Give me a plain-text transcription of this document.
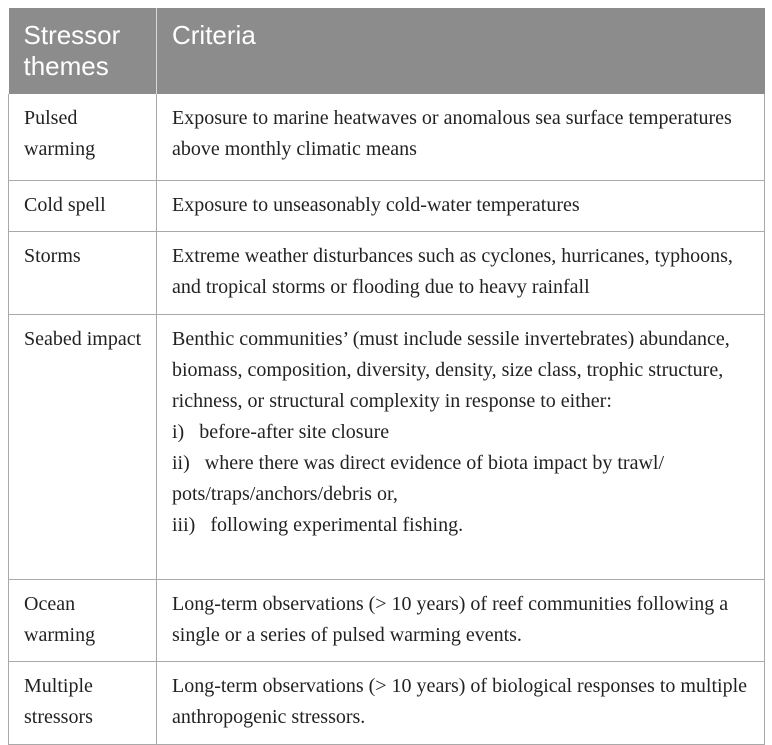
Stressor themes	Criteria
Pulsed warming	Exposure to marine heatwaves or anomalous sea surface temperatures above monthly climatic means
Cold spell	Exposure to unseasonably cold-water temperatures
Storms	Extreme weather disturbances such as cyclones, hurricanes, typhoons, and tropical storms or flooding due to heavy rainfall
Seabed impact	Benthic communities’ (must include sessile invertebrates) abundance, biomass, composition, diversity, density, size class, trophic structure, richness, or structural complexity in response to either:
i) before-after site closure
ii) where there was direct evidence of biota impact by trawl/ pots/traps/anchors/debris or,
iii) following experimental fishing.

Ocean warming	Long-term observations (> 10 years) of reef communities following a single or a series of pulsed warming events.
Multiple stressors	Long-term observations (> 10 years) of biological responses to multiple anthropogenic stressors.
